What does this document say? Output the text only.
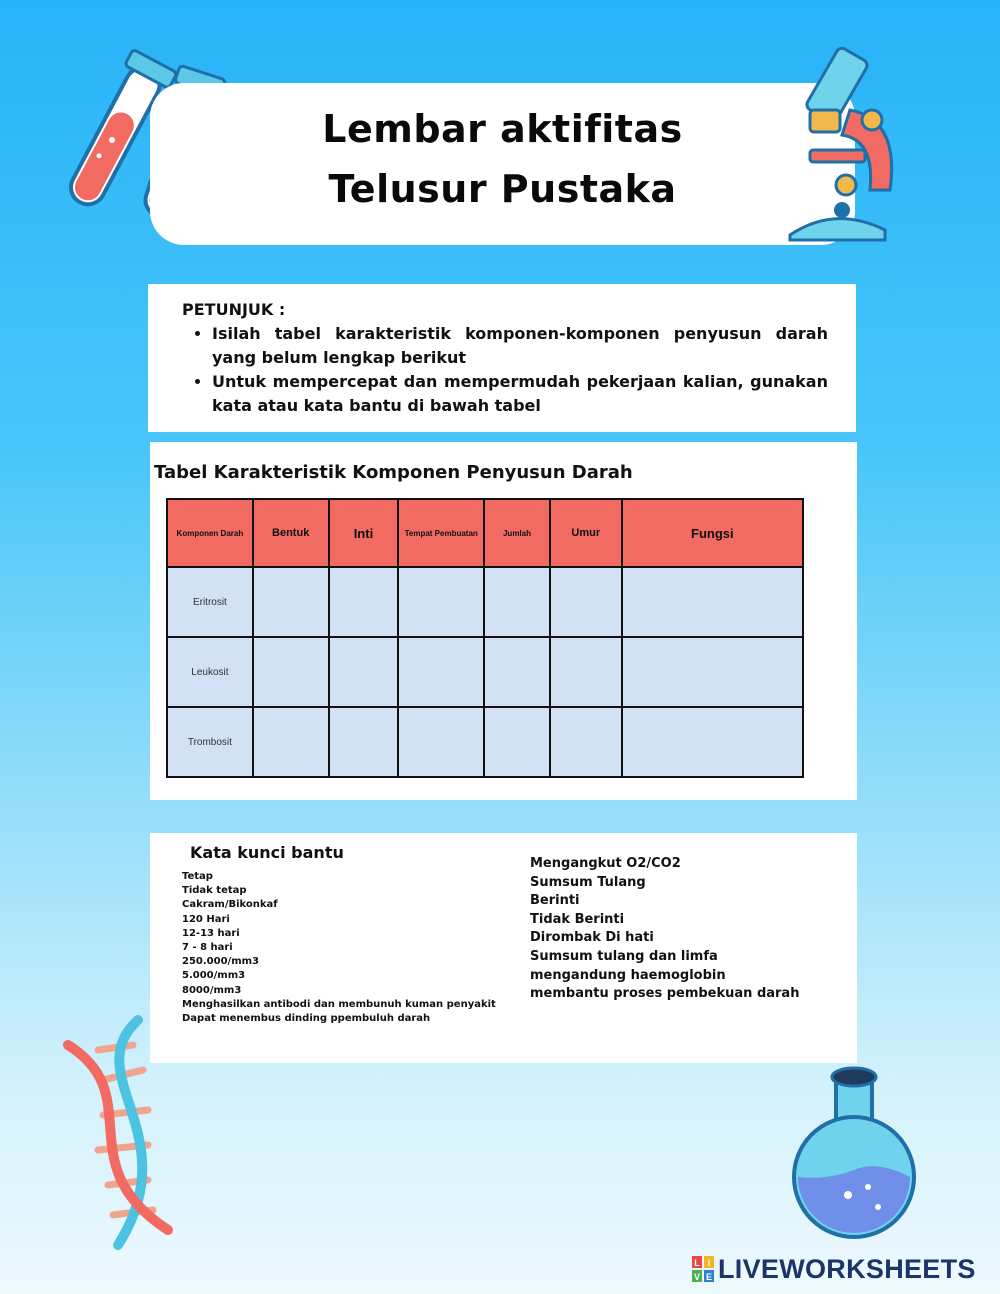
Lembar aktifitas
Telusur Pustaka
PETUNJUK :
• Isilah tabel karakteristik komponen-komponen penyusun darah yang belum lengkap berikut
• Untuk mempercepat dan mempermudah pekerjaan kalian, gunakan kata atau kata bantu di bawah tabel
Tabel Karakteristik Komponen Penyusun Darah
Komponen Darah	Bentuk	Inti	Tempat Pembuatan	Jumlah	Umur	Fungsi
Eritrosit						
Leukosit						
Trombosit						
Kata kunci bantu
Tetap
Tidak tetap
Cakram/Bikonkaf
120 Hari
12-13 hari
7 - 8 hari
250.000/mm3
5.000/mm3
8000/mm3
Menghasilkan antibodi dan membunuh kuman penyakit
Dapat menembus dinding ppembuluh darah
Mengangkut O2/CO2
Sumsum Tulang
Berinti
Tidak Berinti
Dirombak Di hati
Sumsum tulang dan limfa
mengandung haemoglobin
membantu proses pembekuan darah
L I
V E LIVEWORKSHEETS
